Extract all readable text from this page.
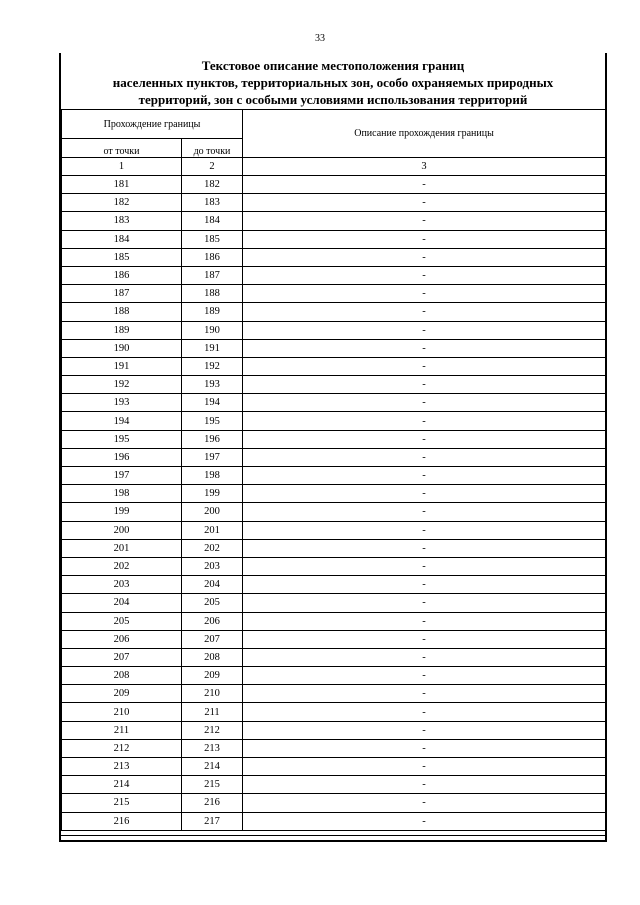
33
Текстовое описание местоположения границ
населенных пунктов, территориальных зон, особо охраняемых природных
территорий, зон с особыми условиями использования территорий
Прохождение границы		Описание прохождения границы
от точки	до точки	
1	2	3
181	182	-
182	183	-
183	184	-
184	185	-
185	186	-
186	187	-
187	188	-
188	189	-
189	190	-
190	191	-
191	192	-
192	193	-
193	194	-
194	195	-
195	196	-
196	197	-
197	198	-
198	199	-
199	200	-
200	201	-
201	202	-
202	203	-
203	204	-
204	205	-
205	206	-
206	207	-
207	208	-
208	209	-
209	210	-
210	211	-
211	212	-
212	213	-
213	214	-
214	215	-
215	216	-
216	217	-
